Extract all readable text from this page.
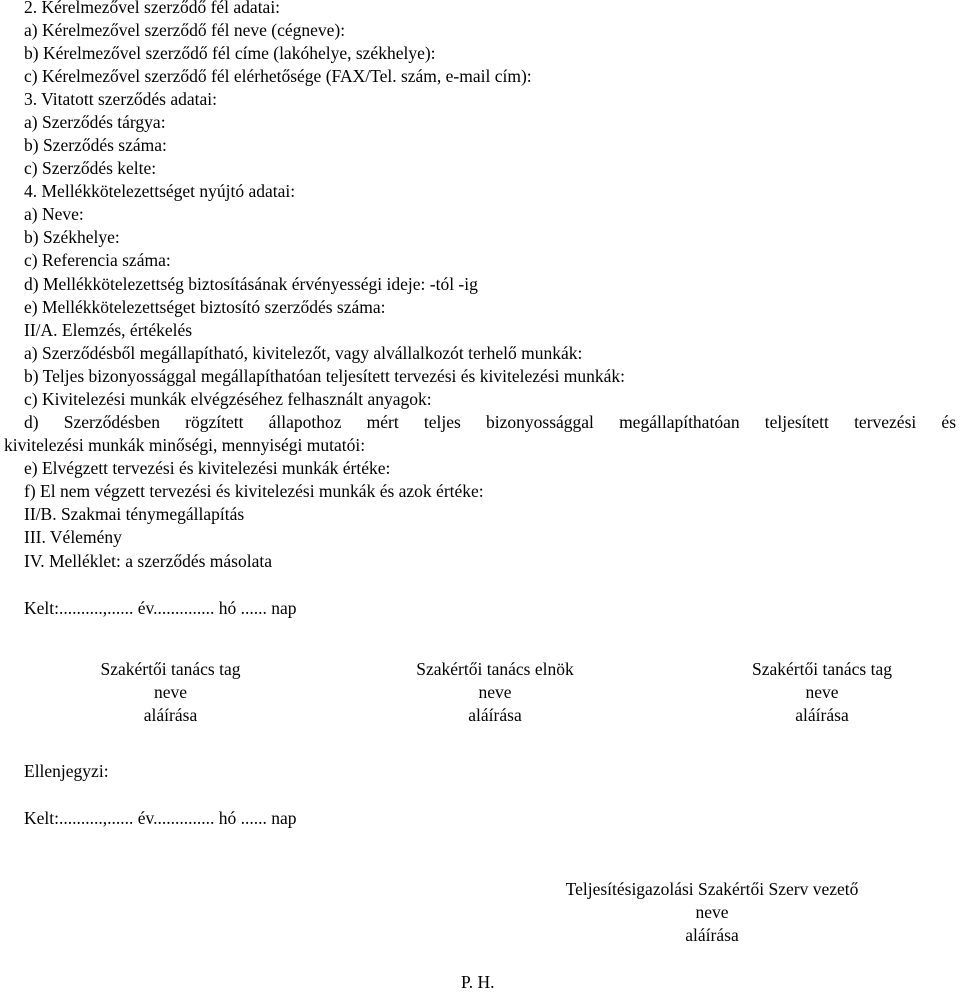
2. Kérelmezővel szerződő fél adatai:
a) Kérelmezővel szerződő fél neve (cégneve):
b) Kérelmezővel szerződő fél címe (lakóhelye, székhelye):
c) Kérelmezővel szerződő fél elérhetősége (FAX/Tel. szám, e-mail cím):
3. Vitatott szerződés adatai:
a) Szerződés tárgya:
b) Szerződés száma:
c) Szerződés kelte:
4. Mellékkötelezettséget nyújtó adatai:
a) Neve:
b) Székhelye:
c) Referencia száma:
d) Mellékkötelezettség biztosításának érvényességi ideje: -tól -ig
e) Mellékkötelezettséget biztosító szerződés száma:
II/A. Elemzés, értékelés
a) Szerződésből megállapítható, kivitelezőt, vagy alvállalkozót terhelő munkák:
b) Teljes bizonyossággal megállapíthatóan teljesített tervezési és kivitelezési munkák:
c) Kivitelezési munkák elvégzéséhez felhasznált anyagok:
d) Szerződésben rögzített állapothoz mért teljes bizonyossággal megállapíthatóan teljesített tervezési és
kivitelezési munkák minőségi, mennyiségi mutatói:
e) Elvégzett tervezési és kivitelezési munkák értéke:
f) El nem végzett tervezési és kivitelezési munkák és azok értéke:
II/B. Szakmai ténymegállapítás
III. Vélemény
IV. Melléklet: a szerződés másolata
Kelt:..........,...... év.............. hó ...... nap
Szakértői tanács tag
neve
aláírása
Szakértői tanács elnök
neve
aláírása
Szakértői tanács tag
neve
aláírása
Ellenjegyzi:
Kelt:..........,...... év.............. hó ...... nap
Teljesítésigazolási Szakértői Szerv vezető
neve
aláírása
P. H.
